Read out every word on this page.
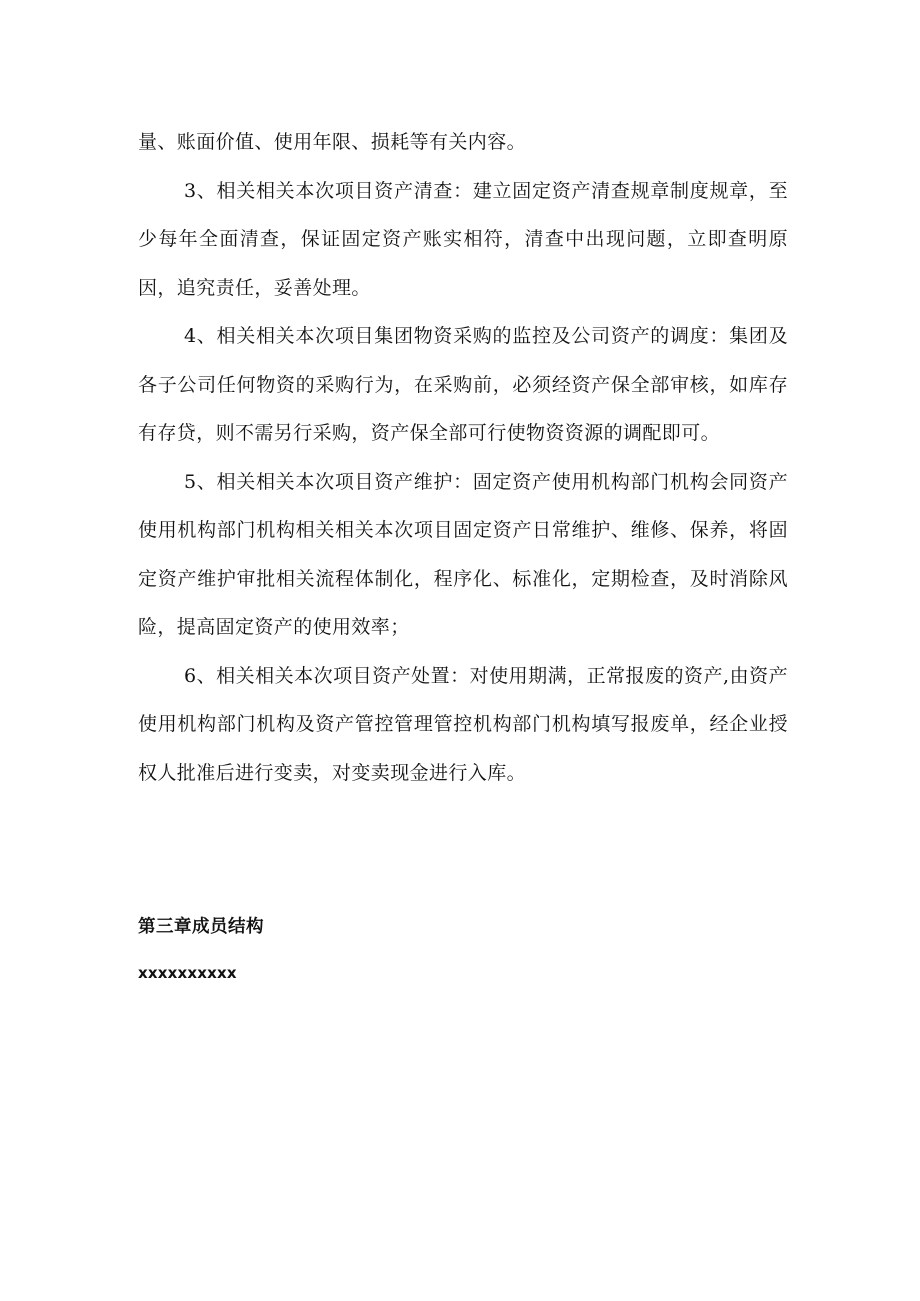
量、账面价值、使用年限、损耗等有关内容。

3、相关相关本次项目资产清查：建立固定资产清查规章制度规章，至少每年全面清查，保证固定资产账实相符，清查中出现问题，立即查明原因，追究责任，妥善处理。

4、相关相关本次项目集团物资采购的监控及公司资产的调度：集团及各子公司任何物资的采购行为，在采购前，必须经资产保全部审核，如库存有存贷，则不需另行采购，资产保全部可行使物资资源的调配即可。

5、相关相关本次项目资产维护：固定资产使用机构部门机构会同资产使用机构部门机构相关相关本次项目固定资产日常维护、维修、保养，将固定资产维护审批相关流程体制化，程序化、标准化，定期检查，及时消除风险，提高固定资产的使用效率；

6、相关相关本次项目资产处置：对使用期满，正常报废的资产,由资产使用机构部门机构及资产管控管理管控机构部门机构填写报废单，经企业授权人批准后进行变卖，对变卖现金进行入库。

第三章成员结构

xxxxxxxxxx
